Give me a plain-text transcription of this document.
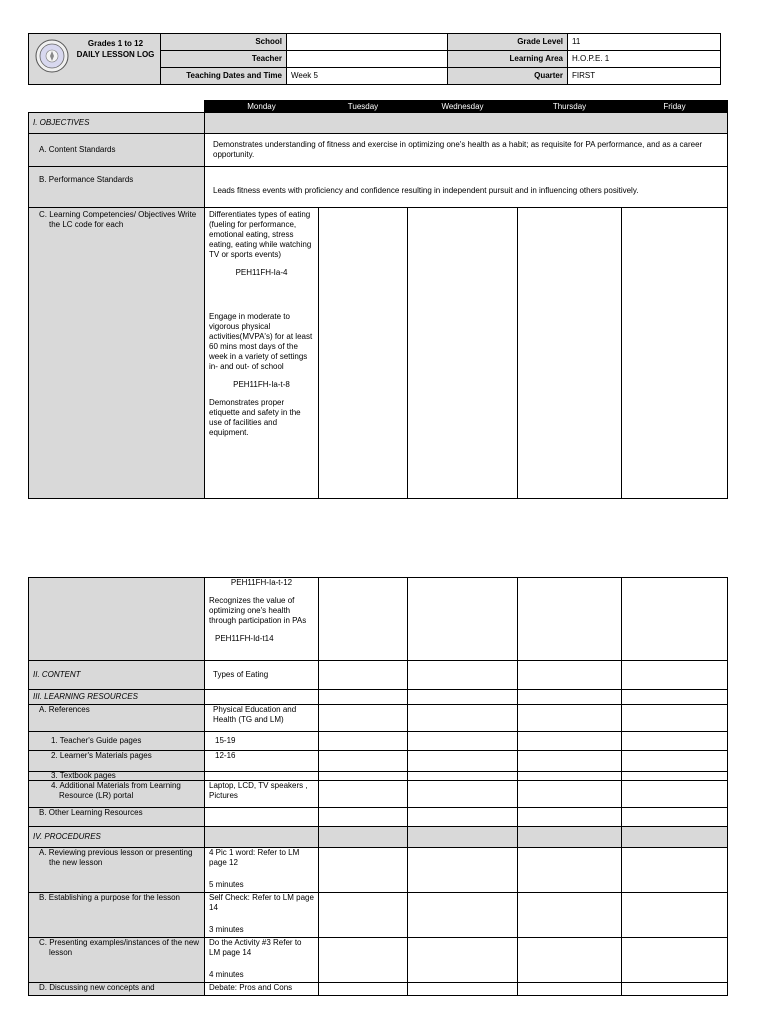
Grades 1 to 12
DAILY LESSON LOG	School		Grade Level	11
	Teacher		Learning Area	H.O.P.E. 1
	Teaching Dates and Time	Week 5	Quarter	FIRST
	Monday	Tuesday	Wednesday	Thursday	Friday
I. OBJECTIVES					
A. Content Standards	Demonstrates understanding of fitness and exercise in optimizing one's health as a habit; as requisite for PA performance, and as a career opportunity.				
B. Performance Standards	Leads fitness events with proficiency and confidence resulting in independent pursuit and in influencing others positively.				
C. Learning Competencies/ Objectives Write the LC code for each	Differentiates types of eating (fueling for performance, emotional eating, stress eating, eating while watching TV or sports events)
PEH11FH-Ia-4
Engage in moderate to vigorous physical activities(MVPA's) for at least 60 mins most days of the week in a variety of settings in- and out- of school
PEH11FH-Ia-t-8
Demonstrates proper etiquette and safety in the use of facilities and equipment.				

	PEH11FH-Ia-t-12
Recognizes the value of optimizing one's health through participation in PAs
PEH11FH-Id-t14				

II. CONTENT	Types of Eating				
III. LEARNING RESOURCES					
A. References	Physical Education and Health (TG and LM)				
1. Teacher's Guide pages	15-19				
2. Learner's Materials pages	12-16				
3. Textbook pages					
4. Additional Materials from Learning Resource (LR) portal	Laptop, LCD, TV speakers , Pictures				
B. Other Learning Resources					
IV. PROCEDURES					
A. Reviewing previous lesson or presenting the new lesson	4 Pic 1 word: Refer to LM page 12
5 minutes				

B. Establishing a purpose for the lesson	Self Check: Refer to LM page 14
3 minutes				

C. Presenting examples/instances of the new lesson	Do the Activity #3 Refer to LM page 14
4 minutes				

D. Discussing new concepts and	Debate: Pros and Cons				
